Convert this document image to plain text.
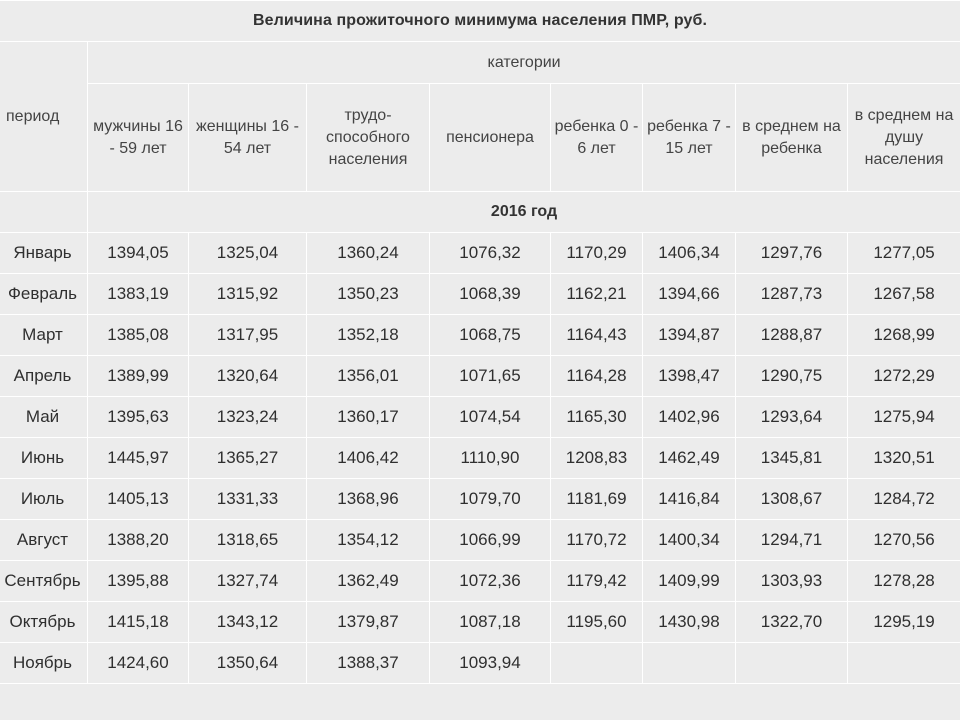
Величина прожиточного минимума населения ПМР, руб.								
период	категории							
	мужчины 16 - 59 лет	женщины 16 - 54 лет	трудо-способного населения	пенсионера	ребенка 0 - 6 лет	ребенка 7 - 15 лет	в среднем на ребенка	в среднем на душу населения
	2016 год							
Январь	1394,05	1325,04	1360,24	1076,32	1170,29	1406,34	1297,76	1277,05
Февраль	1383,19	1315,92	1350,23	1068,39	1162,21	1394,66	1287,73	1267,58
Март	1385,08	1317,95	1352,18	1068,75	1164,43	1394,87	1288,87	1268,99
Апрель	1389,99	1320,64	1356,01	1071,65	1164,28	1398,47	1290,75	1272,29
Май	1395,63	1323,24	1360,17	1074,54	1165,30	1402,96	1293,64	1275,94
Июнь	1445,97	1365,27	1406,42	1110,90	1208,83	1462,49	1345,81	1320,51
Июль	1405,13	1331,33	1368,96	1079,70	1181,69	1416,84	1308,67	1284,72
Август	1388,20	1318,65	1354,12	1066,99	1170,72	1400,34	1294,71	1270,56
Сентябрь	1395,88	1327,74	1362,49	1072,36	1179,42	1409,99	1303,93	1278,28
Октябрь	1415,18	1343,12	1379,87	1087,18	1195,60	1430,98	1322,70	1295,19
Ноябрь	1424,60	1350,64	1388,37	1093,94				
